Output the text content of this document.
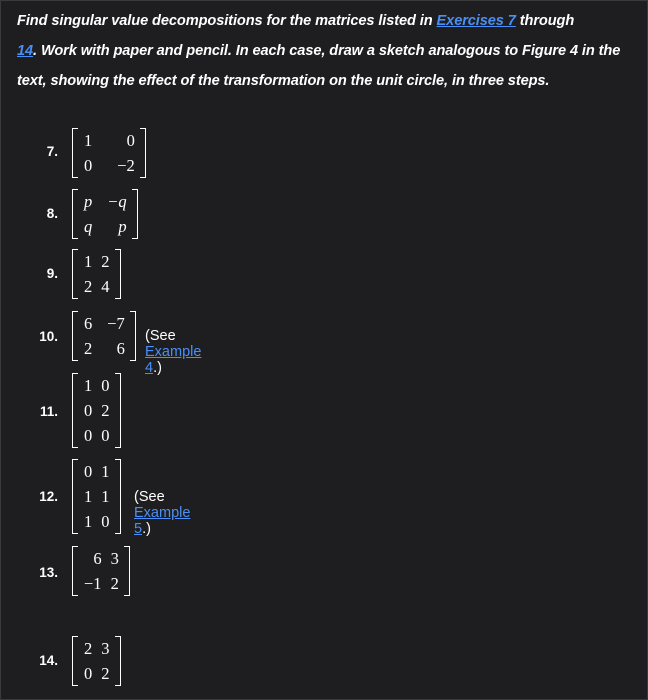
Find singular value decompositions for the matrices listed in Exercises 7 through
14. Work with paper and pencil. In each case, draw a sketch analogous to Figure 4 in the text, showing the effect of the transformation on the unit circle, in three steps.
7.
1	0
0	−2
8.
p	−q
q	p
9.
1	2
2	4
10.
6	−7
2	6
(See Example 4.)
11.
1	0
0	2
0	0
12.
0	1
1	1
1	0
(See Example 5.)
13.
6	3
−1	2
14.
2	3
0	2
